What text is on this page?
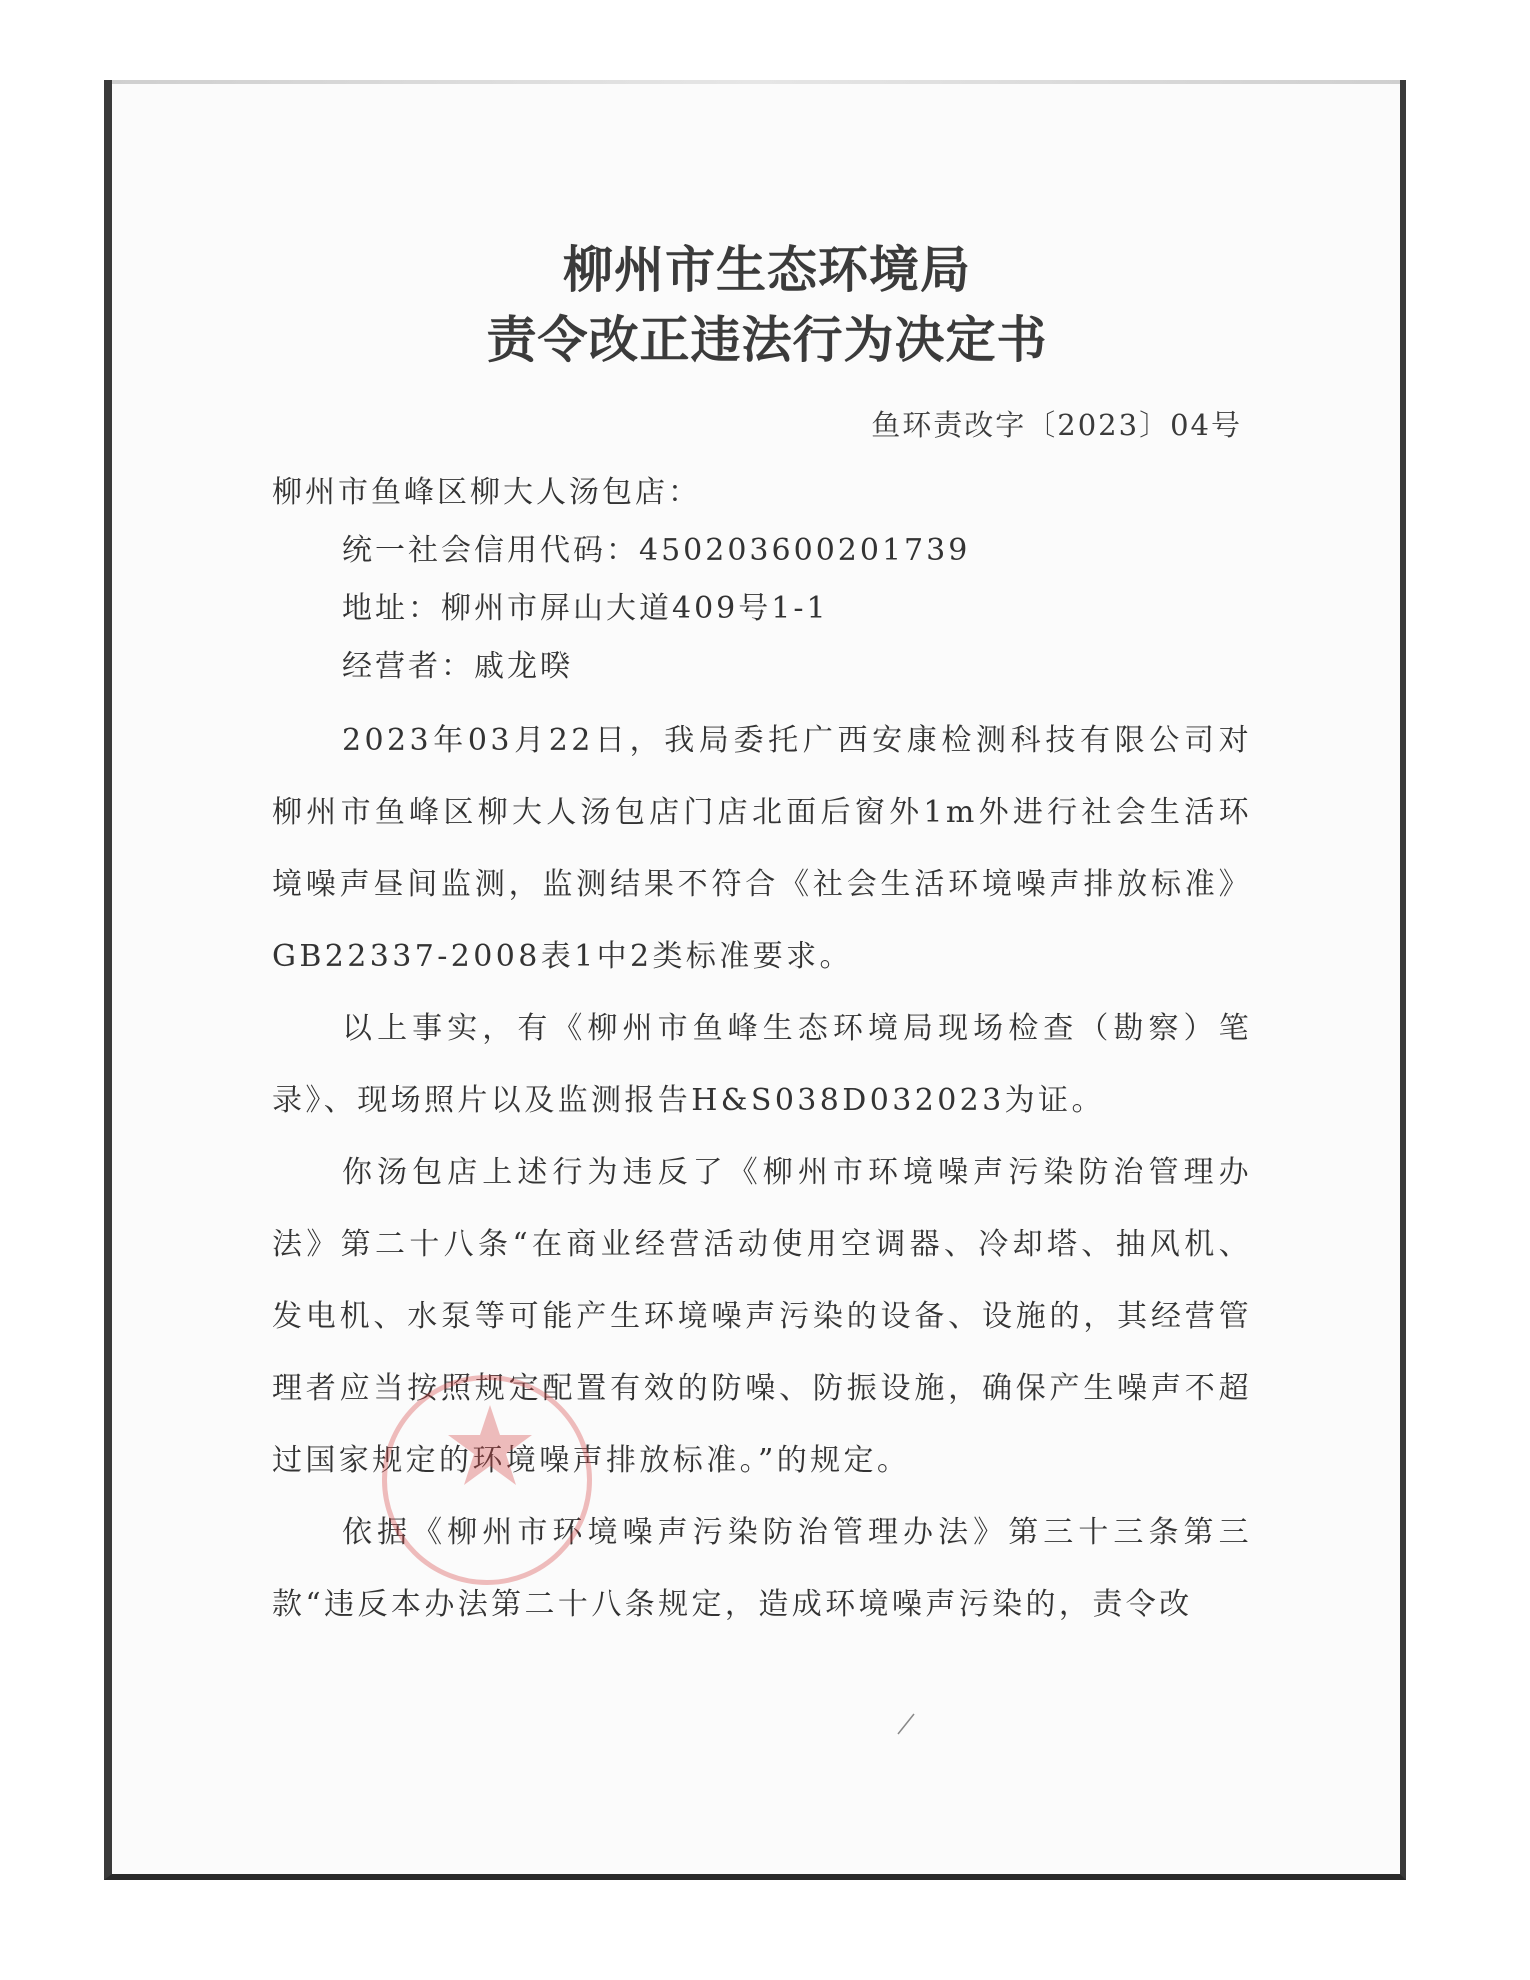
柳州市生态环境局
责令改正违法行为决定书
鱼环责改字〔2023〕04号
柳州市鱼峰区柳大人汤包店：
统一社会信用代码：450203600201739
地址：柳州市屏山大道409号1-1
经营者：戚龙暌

2023年03月22日，我局委托广西安康检测科技有限公司对柳州市鱼峰区柳大人汤包店门店北面后窗外1m外进行社会生活环境噪声昼间监测，监测结果不符合《社会生活环境噪声排放标准》GB22337-2008表1中2类标准要求。

以上事实，有《柳州市鱼峰生态环境局现场检查（勘察）笔录》、现场照片以及监测报告H&S038D032023为证。

你汤包店上述行为违反了《柳州市环境噪声污染防治管理办法》第二十八条“在商业经营活动使用空调器、冷却塔、抽风机、发电机、水泵等可能产生环境噪声污染的设备、设施的，其经营管理者应当按照规定配置有效的防噪、防振设施，确保产生噪声不超过国家规定的环境噪声排放标准。”的规定。

依据《柳州市环境噪声污染防治管理办法》第三十三条第三款“违反本办法第二十八条规定，造成环境噪声污染的，责令改
